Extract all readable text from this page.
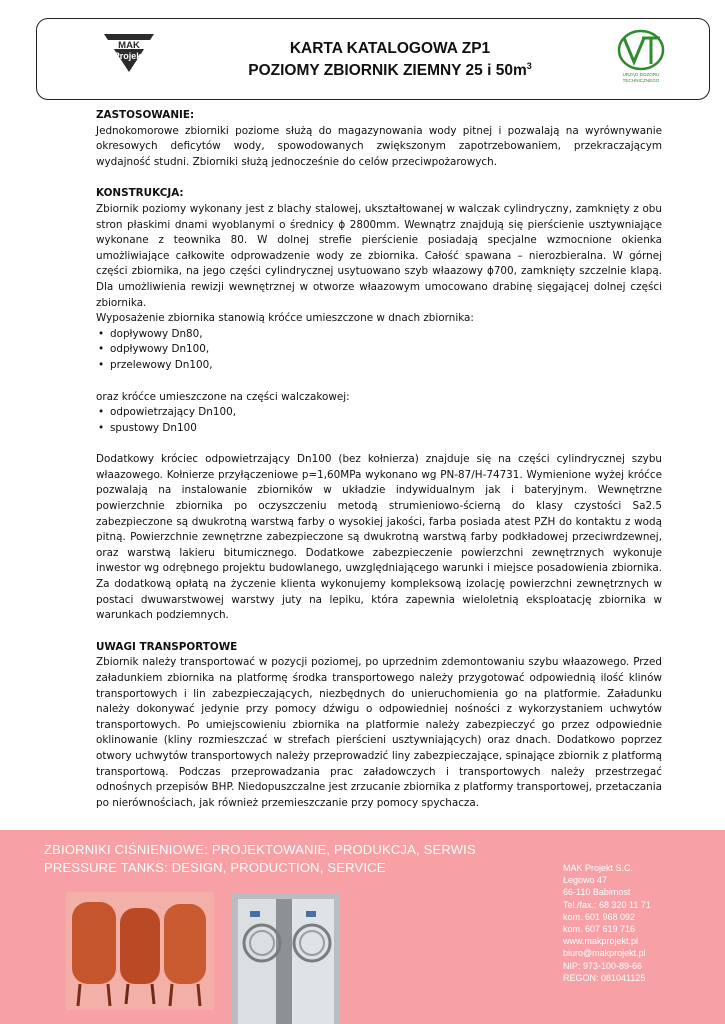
MAK
Projekt	KARTA KATALOGOWA ZP1
POZIOMY ZBIORNIK ZIEMNY 25 i $50m^3$
URZĄD DOZORU
TECHNICZNEGO

ZASTOSOWANIE:

Jednokomorowe zbiorniki poziome służą do magazynowania wody pitnej i pozwalają na wyrównywanie okresowych deficytów wody, spowodowanych zwiększonym zapotrzebowaniem, przekraczającym wydajność studni. Zbiorniki służą jednocześnie do celów przeciwpożarowych.

KONSTRUKCJA:

Zbiornik poziomy wykonany jest z blachy stalowej, ukształtowanej w walczak cylindryczny, zamknięty z obu stron płaskimi dnami wyoblanymi o średnicy ϕ 2800mm. Wewnątrz znajdują się pierścienie usztywniające wykonane z teownika 80. W dolnej strefie pierścienie posiadają specjalne wzmocnione okienka umożliwiające całkowite odprowadzenie wody ze zbiornika. Całość spawana – nierozbieralna. W górnej części zbiornika, na jego części cylindrycznej usytuowano szyb właazowy ϕ700, zamknięty szczelnie klapą. Dla umożliwienia rewizji wewnętrznej w otworze właazowym umocowano drabinę sięgającej dolnej części zbiornika.

Wyposażenie zbiornika stanowią króćce umieszczone w dnach zbiornika:

• dopływowy Dn80,
• odpływowy Dn100,
• przelewowy Dn100,

oraz króćce umieszczone na części walczakowej:

• odpowietrzający Dn100,
• spustowy Dn100

Dodatkowy króciec odpowietrzający Dn100 (bez kołnierza) znajduje się na części cylindrycznej szybu właazowego. Kołnierze przyłączeniowe p=1,60MPa wykonano wg PN-87/H-74731. Wymienione wyżej króćce pozwalają na instalowanie zbiorników w układzie indywidualnym jak i bateryjnym. Wewnętrzne powierzchnie zbiornika po oczyszczeniu metodą strumieniowo-ścierną do klasy czystości Sa2.5 zabezpieczone są dwukrotną warstwą farby o wysokiej jakości, farba posiada atest PZH do kontaktu z wodą pitną. Powierzchnie zewnętrzne zabezpieczone są dwukrotną warstwą farby podkładowej przeciwrdzewnej, oraz warstwą lakieru bitumicznego. Dodatkowe zabezpieczenie powierzchni zewnętrznych wykonuje inwestor wg odrębnego projektu budowlanego, uwzględniającego warunki i miejsce posadowienia zbiornika. Za dodatkową opłatą na życzenie klienta wykonujemy kompleksową izolację powierzchni zewnętrznych w postaci dwuwarstwowej warstwy juty na lepiku, która zapewnia wieloletnią eksploatację zbiornika w warunkach podziemnych.

UWAGI TRANSPORTOWE

Zbiornik należy transportować w pozycji poziomej, po uprzednim zdemontowaniu szybu właazowego. Przed załadunkiem zbiornika na platformę środka transportowego należy przygotować odpowiednią ilość klinów transportowych i lin zabezpieczających, niezbędnych do unieruchomienia go na platformie. Załadunku należy dokonywać jedynie przy pomocy dźwigu o odpowiedniej nośności z wykorzystaniem uchwytów transportowych. Po umiejscowieniu zbiornika na platformie należy zabezpieczyć go przez odpowiednie oklinowanie (kliny rozmieszczać w strefach pierścieni usztywniających) oraz dnach. Dodatkowo poprzez otwory uchwytów transportowych należy przeprowadzić liny zabezpieczające, spinające zbiornik z platformą transportową. Podczas przeprowadzania prac załadowczych i transportowych należy przestrzegać odnośnych przepisów BHP. Niedopuszczalne jest zrzucanie zbiornika z platformy transportowej, przetaczania po nierównościach, jak również przemieszczanie przy pomocy spychacza.

ZBIORNIKI CIŚNIENIOWE: PROJEKTOWANIE, PRODUKCJA, SERWIS
PRESSURE TANKS: DESIGN, PRODUCTION, SERVICE	MAK Projekt S.C.
Łegowo 47
66-110 Babimost
Tel./fax.: 68 320 11 71
kom. 601 968 092
kom. 607 619 716
www.makprojekt.pl
biuro@makprojekt.pl
NIP: 973-100-89-66
REGON: 081041125
